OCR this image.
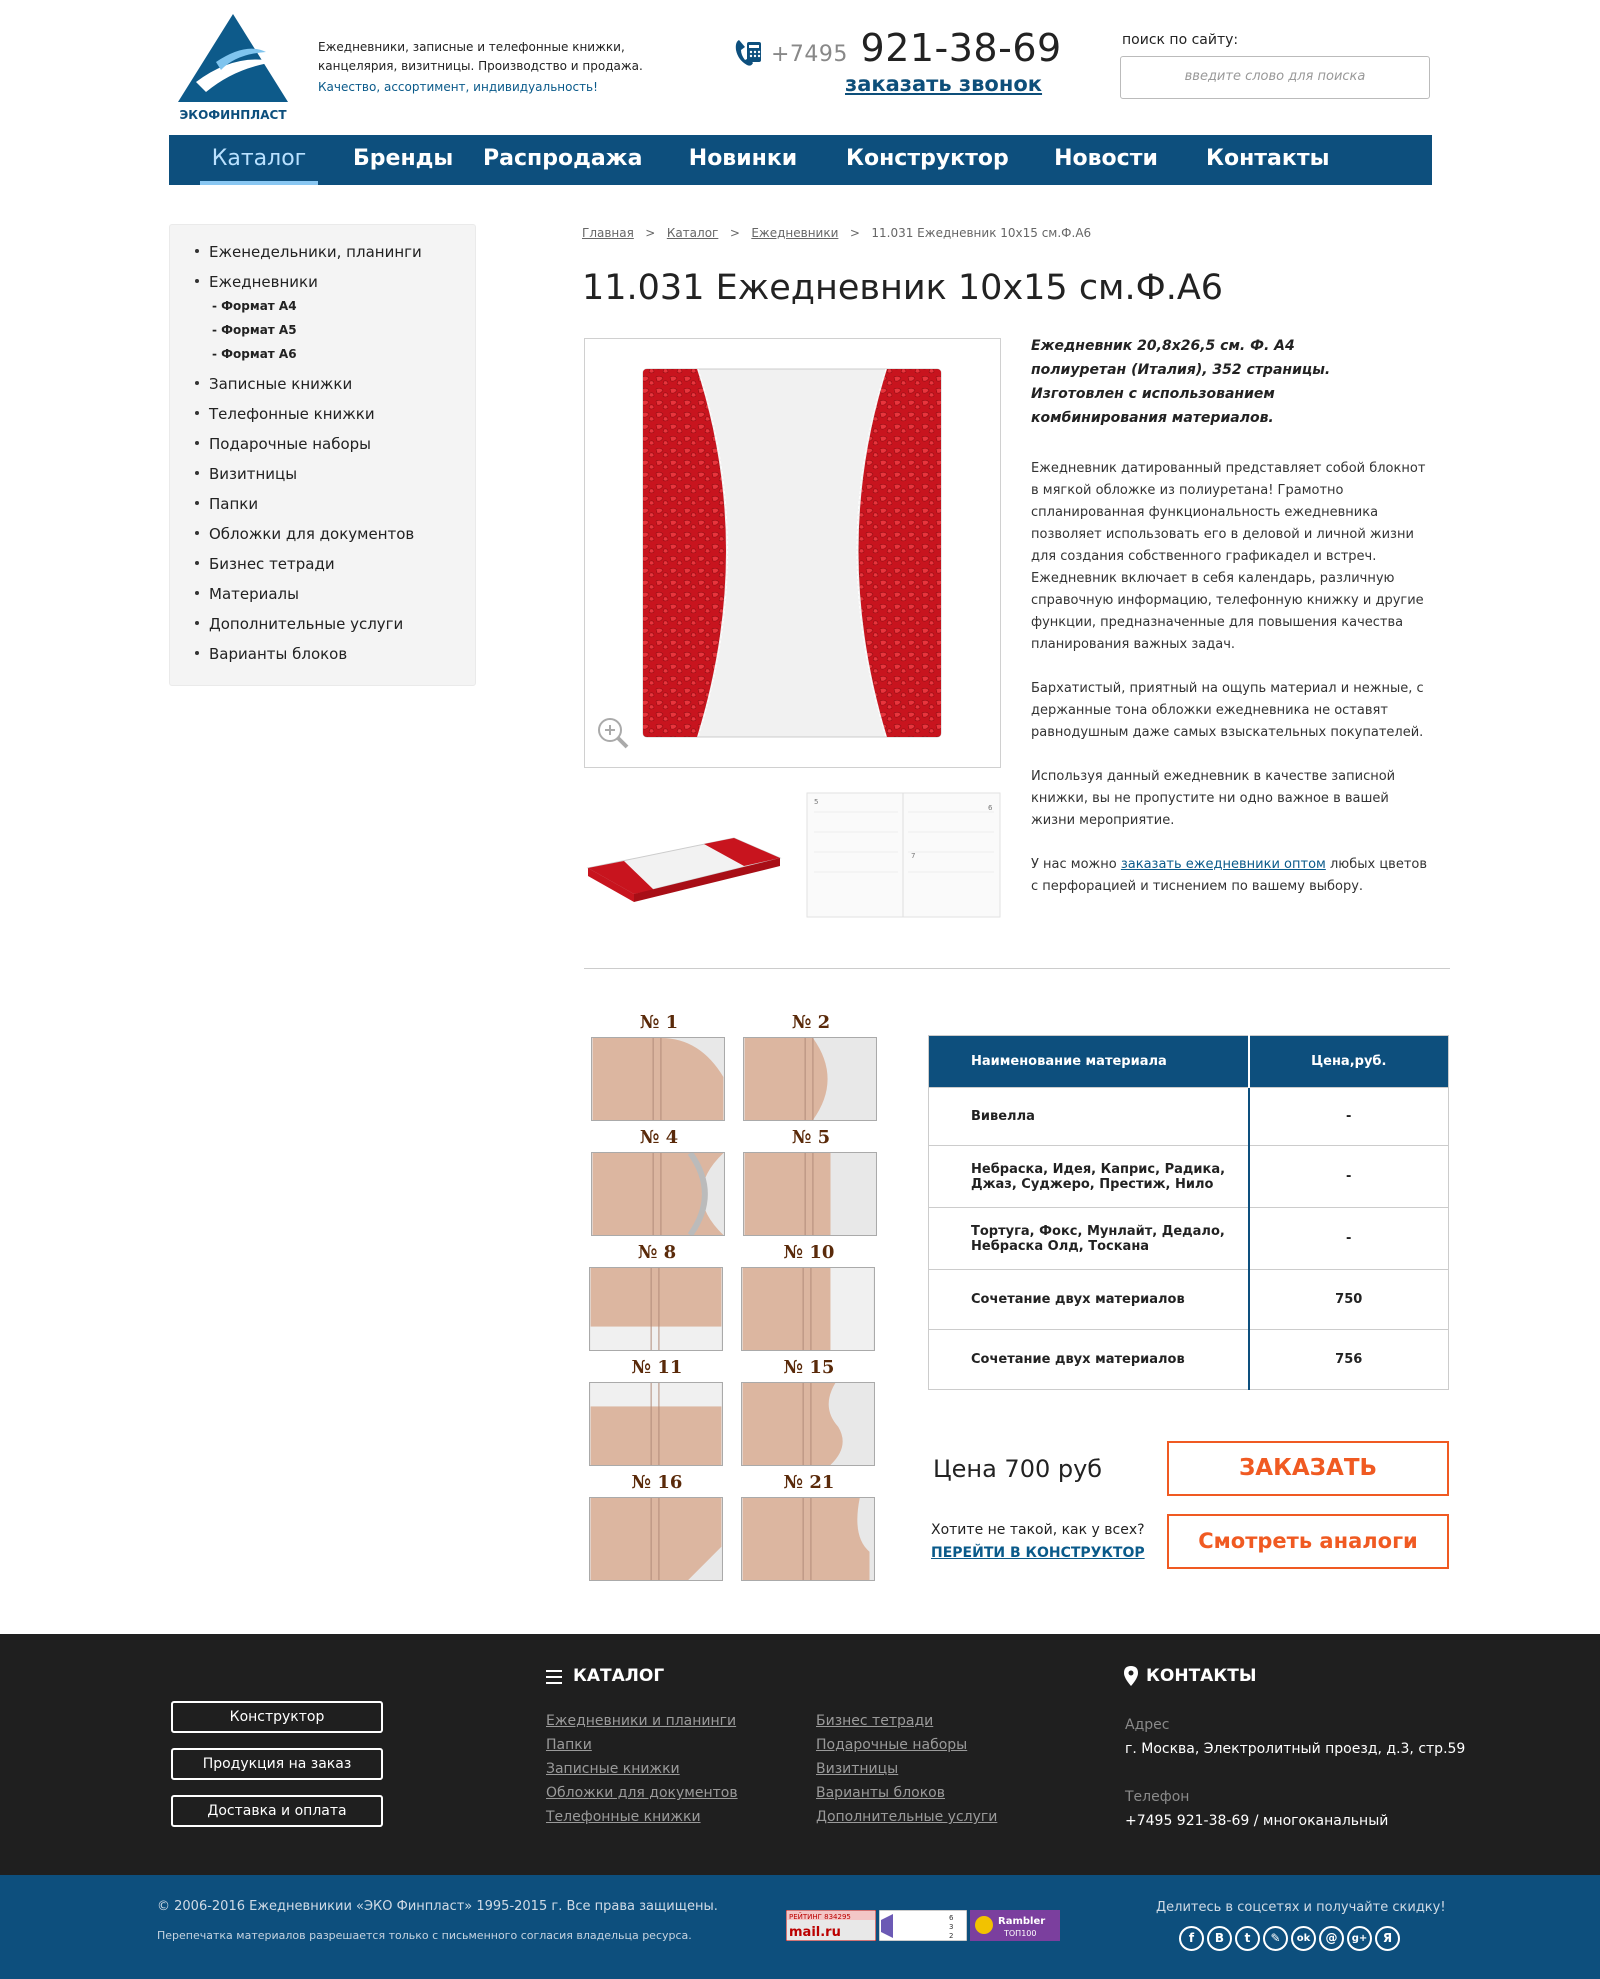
ЭКОФИНПЛАСТ
Ежедневники, записные и телефонные книжки, канцелярия, визитницы. Производство и продажа.
Качество, ассортимент, индивидуальность!
+7495 921-38-69
заказать звонок
поиск по сайту:
введите слово для поиска
Каталог	Бренды Распродажа Новинки Конструктор Новости Контакты
Еженедельники, планинги
Ежедневники
- Формат А4
- Формат А5
- Формат А6
Записные книжки
Телефонные книжки
Подарочные наборы
Визитницы
Папки
Обложки для документов
Бизнес тетради
Материалы
Дополнительные услуги
Варианты блоков
Главная > Каталог > Ежедневники > 11.031 Ежедневник 10х15 см.Ф.А6
11.031 Ежедневник 10х15 см.Ф.А6
5
6
7
Ежедневник 20,8х26,5 см. Ф. А4
полиуретан (Италия), 352 страницы.
Изготовлен с использованием
комбинирования материалов.

Ежедневник датированный представляет собой блокнот в мягкой обложке из полиуретана! Грамотно спланированная функциональность ежедневника позволяет использовать его в деловой и личной жизни для создания собственного графикадел и встреч. Ежедневник включает в себя календарь, различную справочную информацию, телефонную книжку и другие функции, предназначенные для повышения качества планирования важных задач.

Бархатистый, приятный на ощупь материал и нежные, с держанные тона обложки ежедневника не оставят равнодушным даже самых взыскательных покупателей.

Используя данный ежедневник в качестве записной книжки, вы не пропустите ни одно важное в вашей жизни мероприятие.

У нас можно заказать ежедневники оптом любых цветов с перфорацией и тиснением по вашему выбору.

№ 1	№ 2
№ 4	№ 5
№ 8	№ 10
№ 11	№ 15
№ 16	№ 21
Наименование материала	Цена,руб.
Вивелла	-
Небраска, Идея, Каприс, Радика, Джаз, Суджеро, Престиж, Нило	-
Тортуга, Фокс, Мунлайт, Дедало, Небраска Олд, Тоскана	-
Сочетание двух материалов	750
Сочетание двух материалов	756
Цена 700 руб	ЗАКАЗАТЬ
Смотреть аналоги
Хотите не такой, как у всех?
ПЕРЕЙТИ В КОНСТРУКТОР
Конструктор
Продукция на заказ
Доставка и оплата
КАТАЛОГ
Ежедневники и планинги
Папки
Записные книжки
Обложки для документов
Телефонные книжки
Бизнес тетради
Подарочные наборы
Визитницы
Варианты блоков
Дополнительные услуги
КОНТАКТЫ
Адрес
г. Москва, Электролитный проезд, д.3, стр.59
Телефон
+7495 921-38-69 / многоканальный
© 2006-2016 Ежедневникии «ЭКО Финпласт» 1995-2015 г. Все права защищены.
Перепечатка материалов разрешается только с письменного согласия владельца ресурса.
РЕЙТИНГ 834295
mail.ru
6
3
2
Rambler
ТОП100
Делитесь в соцсетях и получайте скидку!
f	B	t	✎	ok	@	g+	Я
